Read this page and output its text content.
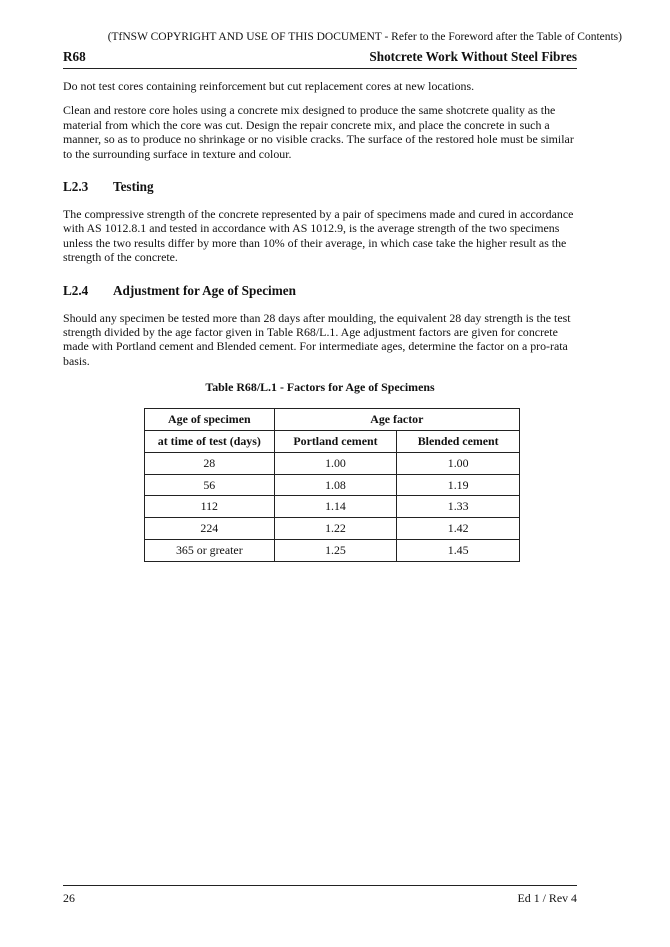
(TfNSW COPYRIGHT AND USE OF THIS DOCUMENT - Refer to the Foreword after the Table of Contents)
R68	Shotcrete Work Without Steel Fibres

Do not test cores containing reinforcement but cut replacement cores at new locations.

Clean and restore core holes using a concrete mix designed to produce the same shotcrete quality as the material from which the core was cut. Design the repair concrete mix, and place the concrete in such a manner, so as to produce no shrinkage or no visible cracks. The surface of the restored hole must be similar to the surrounding surface in texture and colour.

L2.3 Testing

The compressive strength of the concrete represented by a pair of specimens made and cured in accordance with AS 1012.8.1 and tested in accordance with AS 1012.9, is the average strength of the two specimens unless the two results differ by more than 10% of their average, in which case take the higher result as the strength of the concrete.

L2.4 Adjustment for Age of Specimen

Should any specimen be tested more than 28 days after moulding, the equivalent 28 day strength is the test strength divided by the age factor given in Table R68/L.1. Age adjustment factors are given for concrete made with Portland cement and Blended cement. For intermediate ages, determine the factor on a pro-rata basis.

Table R68/L.1 - Factors for Age of Specimens
Age of specimen	Age factor	
at time of test (days)	Portland cement	Blended cement
28	1.00	1.00
56	1.08	1.19
112	1.14	1.33
224	1.22	1.42
365 or greater	1.25	1.45
26	Ed 1 / Rev 4
